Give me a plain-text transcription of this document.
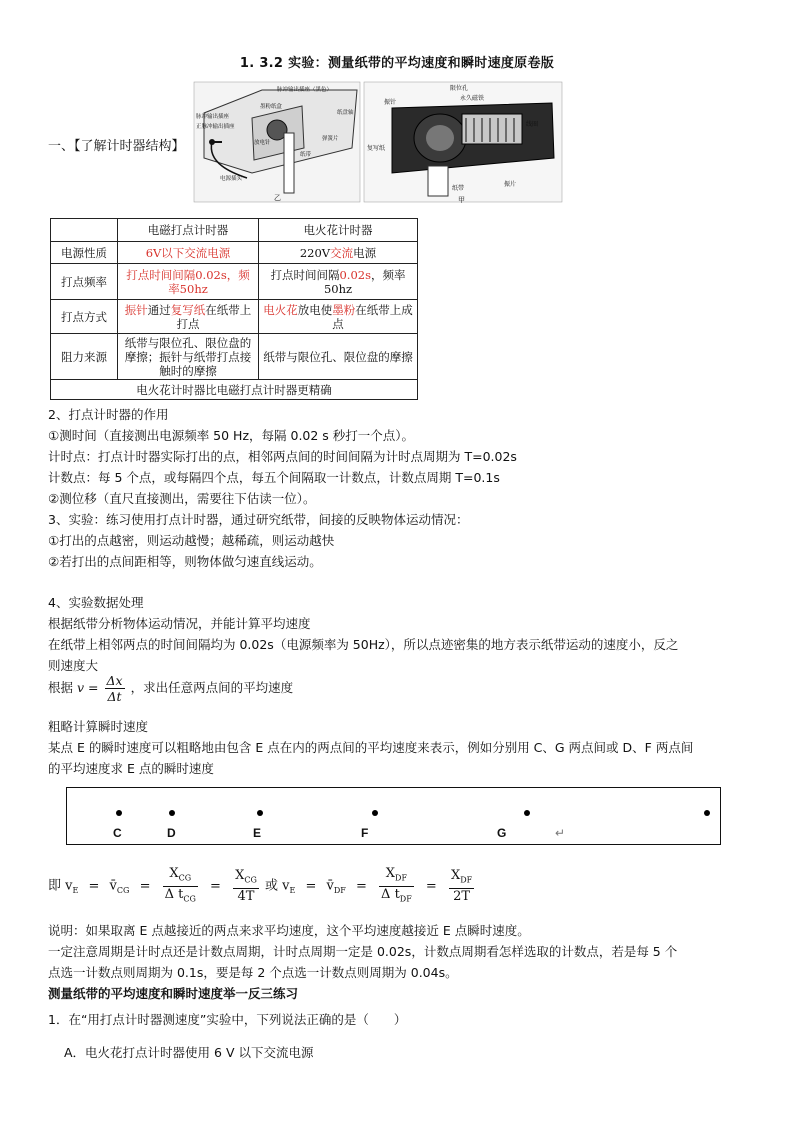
1. 3.2 实验：测量纸带的平均速度和瞬时速度原卷版
一、【了解计时器结构】
脉冲输出插座（黑色）
墨粉纸盒
纸盘轴
脉冲输出插座
正脉冲输出插座
放电针
纸带
弹簧片
电源插头
乙
限位孔
振针
永久磁铁
线圈
复写纸
纸带
振片
甲
	电磁打点计时器	电火花计时器
电源性质	6V以下交流电源	220V交流电源
打点频率	打点时间间隔0.02s，频率50hz	打点时间间隔0.02s，频率50hz
打点方式	振针通过复写纸在纸带上打点	电火花放电使墨粉在纸带上成点
阻力来源	纸带与限位孔、限位盘的摩擦；振针与纸带打点接触时的摩擦	纸带与限位孔、限位盘的摩擦
电火花计时器比电磁打点计时器更精确		
2、打点计时器的作用
①测时间（直接测出电源频率 50 Hz，每隔 0.02 s 秒打一个点）。
计时点：打点计时器实际打出的点，相邻两点间的时间间隔为计时点周期为 T=0.02s
计数点：每 5 个点，或每隔四个点，每五个间隔取一计数点，计数点周期 T=0.1s
②测位移（直尺直接测出，需要往下估读一位）。
3、实验：练习使用打点计时器，通过研究纸带，间接的反映物体运动情况：
①打出的点越密，则运动越慢；越稀疏，则运动越快
②若打出的点间距相等，则物体做匀速直线运动。
4、实验数据处理
根据纸带分析物体运动情况，并能计算平均速度
在纸带上相邻两点的时间间隔均为 0.02s（电源频率为 50Hz），所以点迹密集的地方表示纸带运动的速度小，反之
则速度大
根据 $v = \frac{\Delta x}{\Delta t}$ ，求出任意两点间的平均速度
粗略计算瞬时速度
某点 E 的瞬时速度可以粗略地由包含 E 点在内的两点间的平均速度来表示，例如分别用 C、G 两点间或 D、F 两点间
的平均速度求 E 点的瞬时速度
C	D	E	F	G	↵
即 $v_E$ = $v̄_{CG} = \frac{X_{CG}}{\Delta t_{CG}} = \frac{X_{CG}}{4T}$ 或 $v_E$ = $v̄_{DF} = \frac{X_{DF}}{\Delta t_{DF}} = \frac{X_{DF}}{2T}$
说明：如果取离 E 点越接近的两点来求平均速度，这个平均速度越接近 E 点瞬时速度。
一定注意周期是计时点还是计数点周期，计时点周期一定是 0.02s，计数点周期看怎样选取的计数点，若是每 5 个
点选一计数点则周期为 0.1s，要是每 2 个点选一计数点则周期为 0.04s。
测量纸带的平均速度和瞬时速度举一反三练习
1．在“用打点计时器测速度”实验中，下列说法正确的是（　　）
A．电火花打点计时器使用 6 V 以下交流电源
